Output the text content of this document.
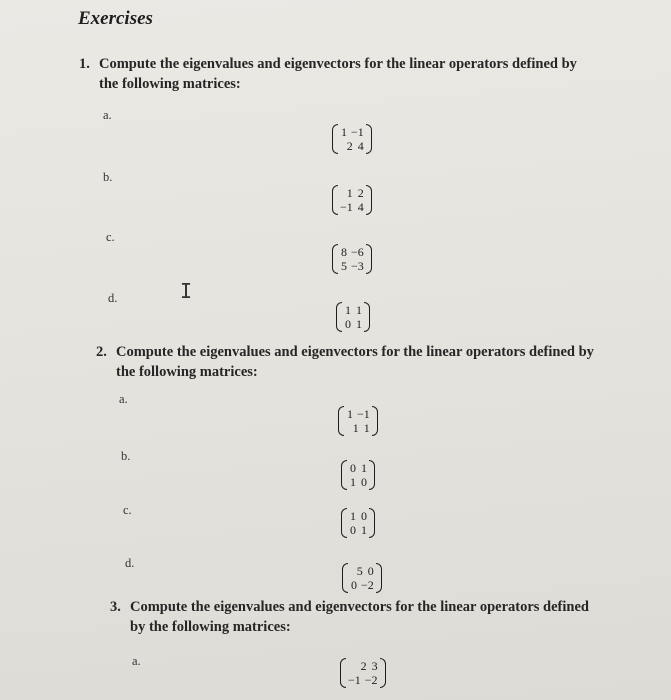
Exercises
1. Compute the eigenvalues and eigenvectors for the linear operators defined by the following matrices:
a.
1 −1
2 4
b.
1 2
−1 4
c.
8 −6
5 −3
d.
1 1
0 1
I
2. Compute the eigenvalues and eigenvectors for the linear operators defined by the following matrices:
a.
1 −1
1 1
b.
0 1
1 0
c.	1 0
0 1
d.
5 0
0 −2
3. Compute the eigenvalues and eigenvectors for the linear operators defined by the following matrices:
a.	2 3
−1 −2
